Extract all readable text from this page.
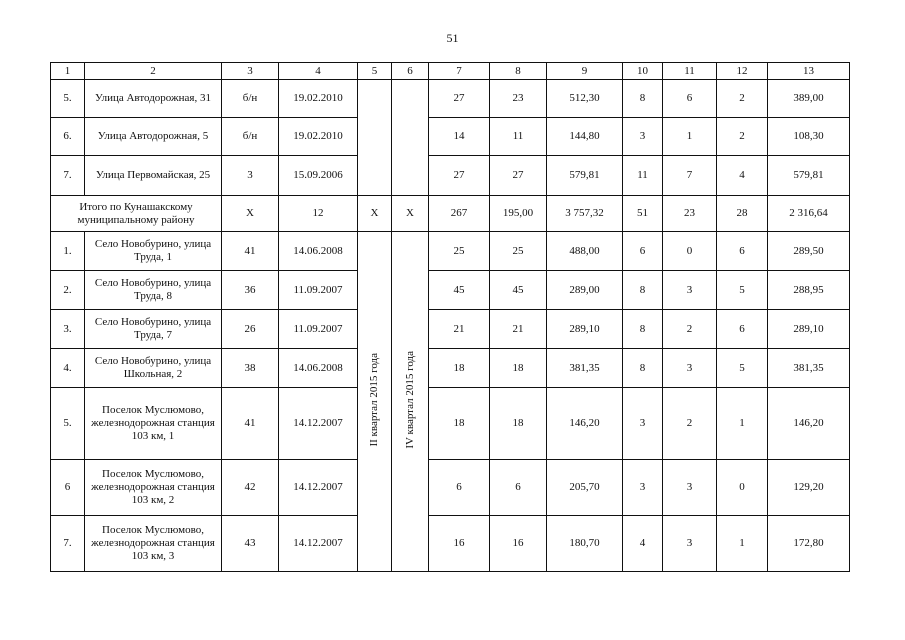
51
1	2	3	4	5	6	7	8	9	10	11	12	13
5.	Улица Автодорожная, 31	б/н	19.02.2010			27	23	512,30	8	6	2	389,00
6.	Улица Автодорожная, 5	б/н	19.02.2010			14	11	144,80	3	1	2	108,30
7.	Улица Первомайская, 25	3	15.09.2006			27	27	579,81	11	7	4	579,81
Итого по Кунашакскому муниципальному району		Х	12	Х	Х	267	195,00	3 757,32	51	23	28	2 316,64
1.	Село Новобурино, улица Труда, 1	41	14.06.2008	II квартал 2015 года	IV квартал 2015 года	25	25	488,00	6	0	6	289,50
2.	Село Новобурино, улица Труда, 8	36	11.09.2007			45	45	289,00	8	3	5	288,95
3.	Село Новобурино, улица Труда, 7	26	11.09.2007			21	21	289,10	8	2	6	289,10
4.	Село Новобурино, улица Школьная, 2	38	14.06.2008			18	18	381,35	8	3	5	381,35
5.	Поселок Муслюмово, железнодорожная станция 103 км, 1	41	14.12.2007			18	18	146,20	3	2	1	146,20
6	Поселок Муслюмово, железнодорожная станция 103 км, 2	42	14.12.2007			6	6	205,70	3	3	0	129,20
7.	Поселок Муслюмово, железнодорожная станция 103 км, 3	43	14.12.2007			16	16	180,70	4	3	1	172,80
